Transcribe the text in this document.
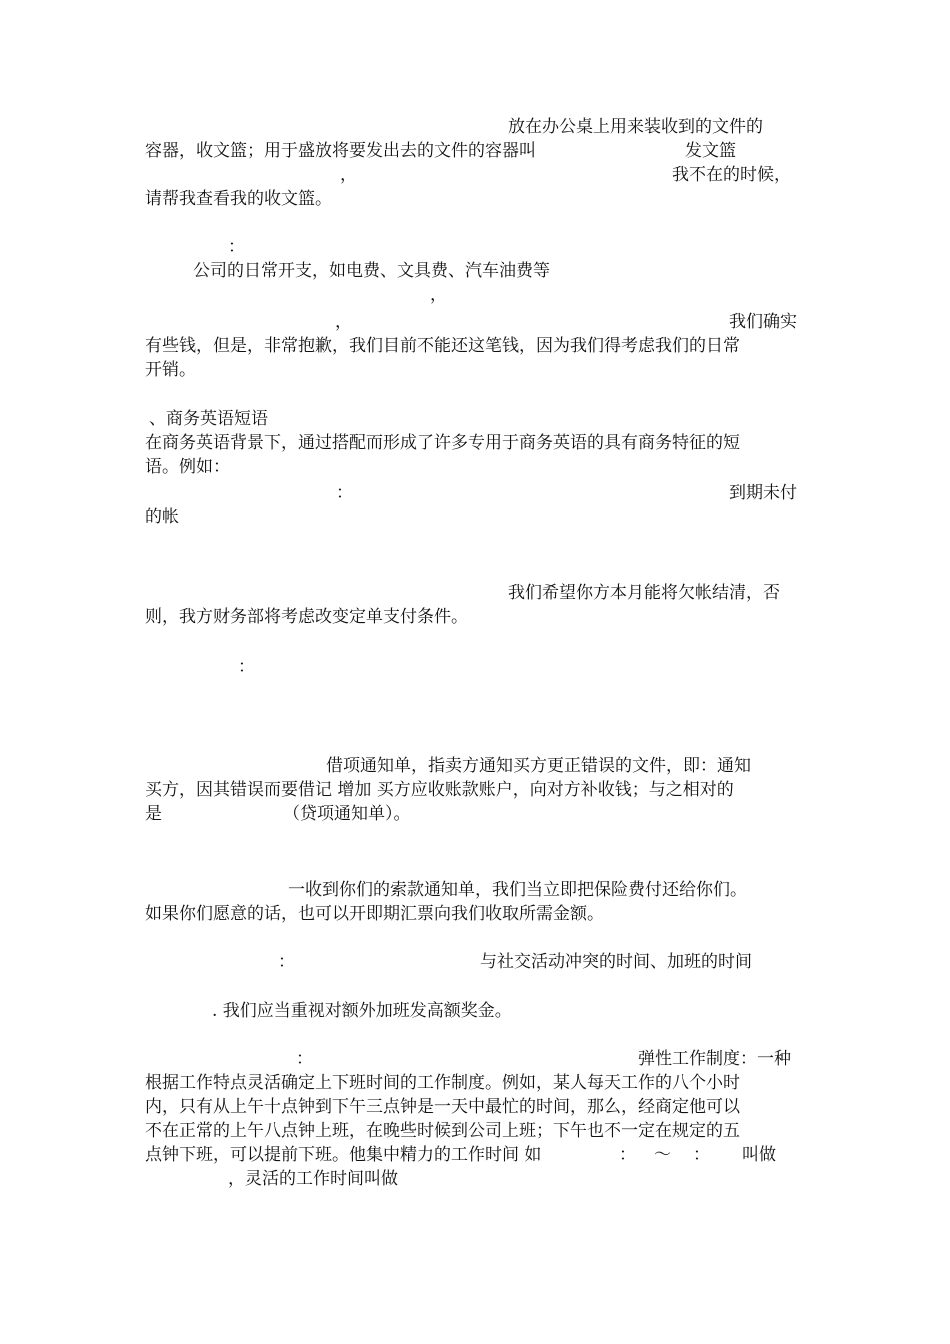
放在办公桌上用来装收到的文件的
容器，收文篮；用于盛放将要发出去的文件的容器叫	发文篮
，	我不在的时候，
请帮我查看我的收文篮。
：
公司的日常开支，如电费、文具费、汽车油费等
，
，	我们确实
有些钱，但是，非常抱歉，我们目前不能还这笔钱，因为我们得考虑我们的日常
开销。
、商务英语短语
在商务英语背景下，通过搭配而形成了许多专用于商务英语的具有商务特征的短
语。例如：
：	到期未付
的帐
我们希望你方本月能将欠帐结清，否
则，我方财务部将考虑改变定单支付条件。
：
借项通知单，指卖方通知买方更正错误的文件，即：通知
买方，因其错误而要借记 增加 买方应收账款账户，向对方补收钱；与之相对的
是	（贷项通知单）。
一收到你们的索款通知单，我们当立即把保险费付还给你们。
如果你们愿意的话，也可以开即期汇票向我们收取所需金额。
：	与社交活动冲突的时间、加班的时间
. 我们应当重视对额外加班发高额奖金。
：	弹性工作制度：一种
根据工作特点灵活确定上下班时间的工作制度。例如，某人每天工作的八个小时
内，只有从上午十点钟到下午三点钟是一天中最忙的时间，那么，经商定他可以
不在正常的上午八点钟上班，在晚些时候到公司上班；下午也不一定在规定的五
点钟下班，可以提前下班。他集中精力的工作时间 如	： ～ ： 叫做
，灵活的工作时间叫做
